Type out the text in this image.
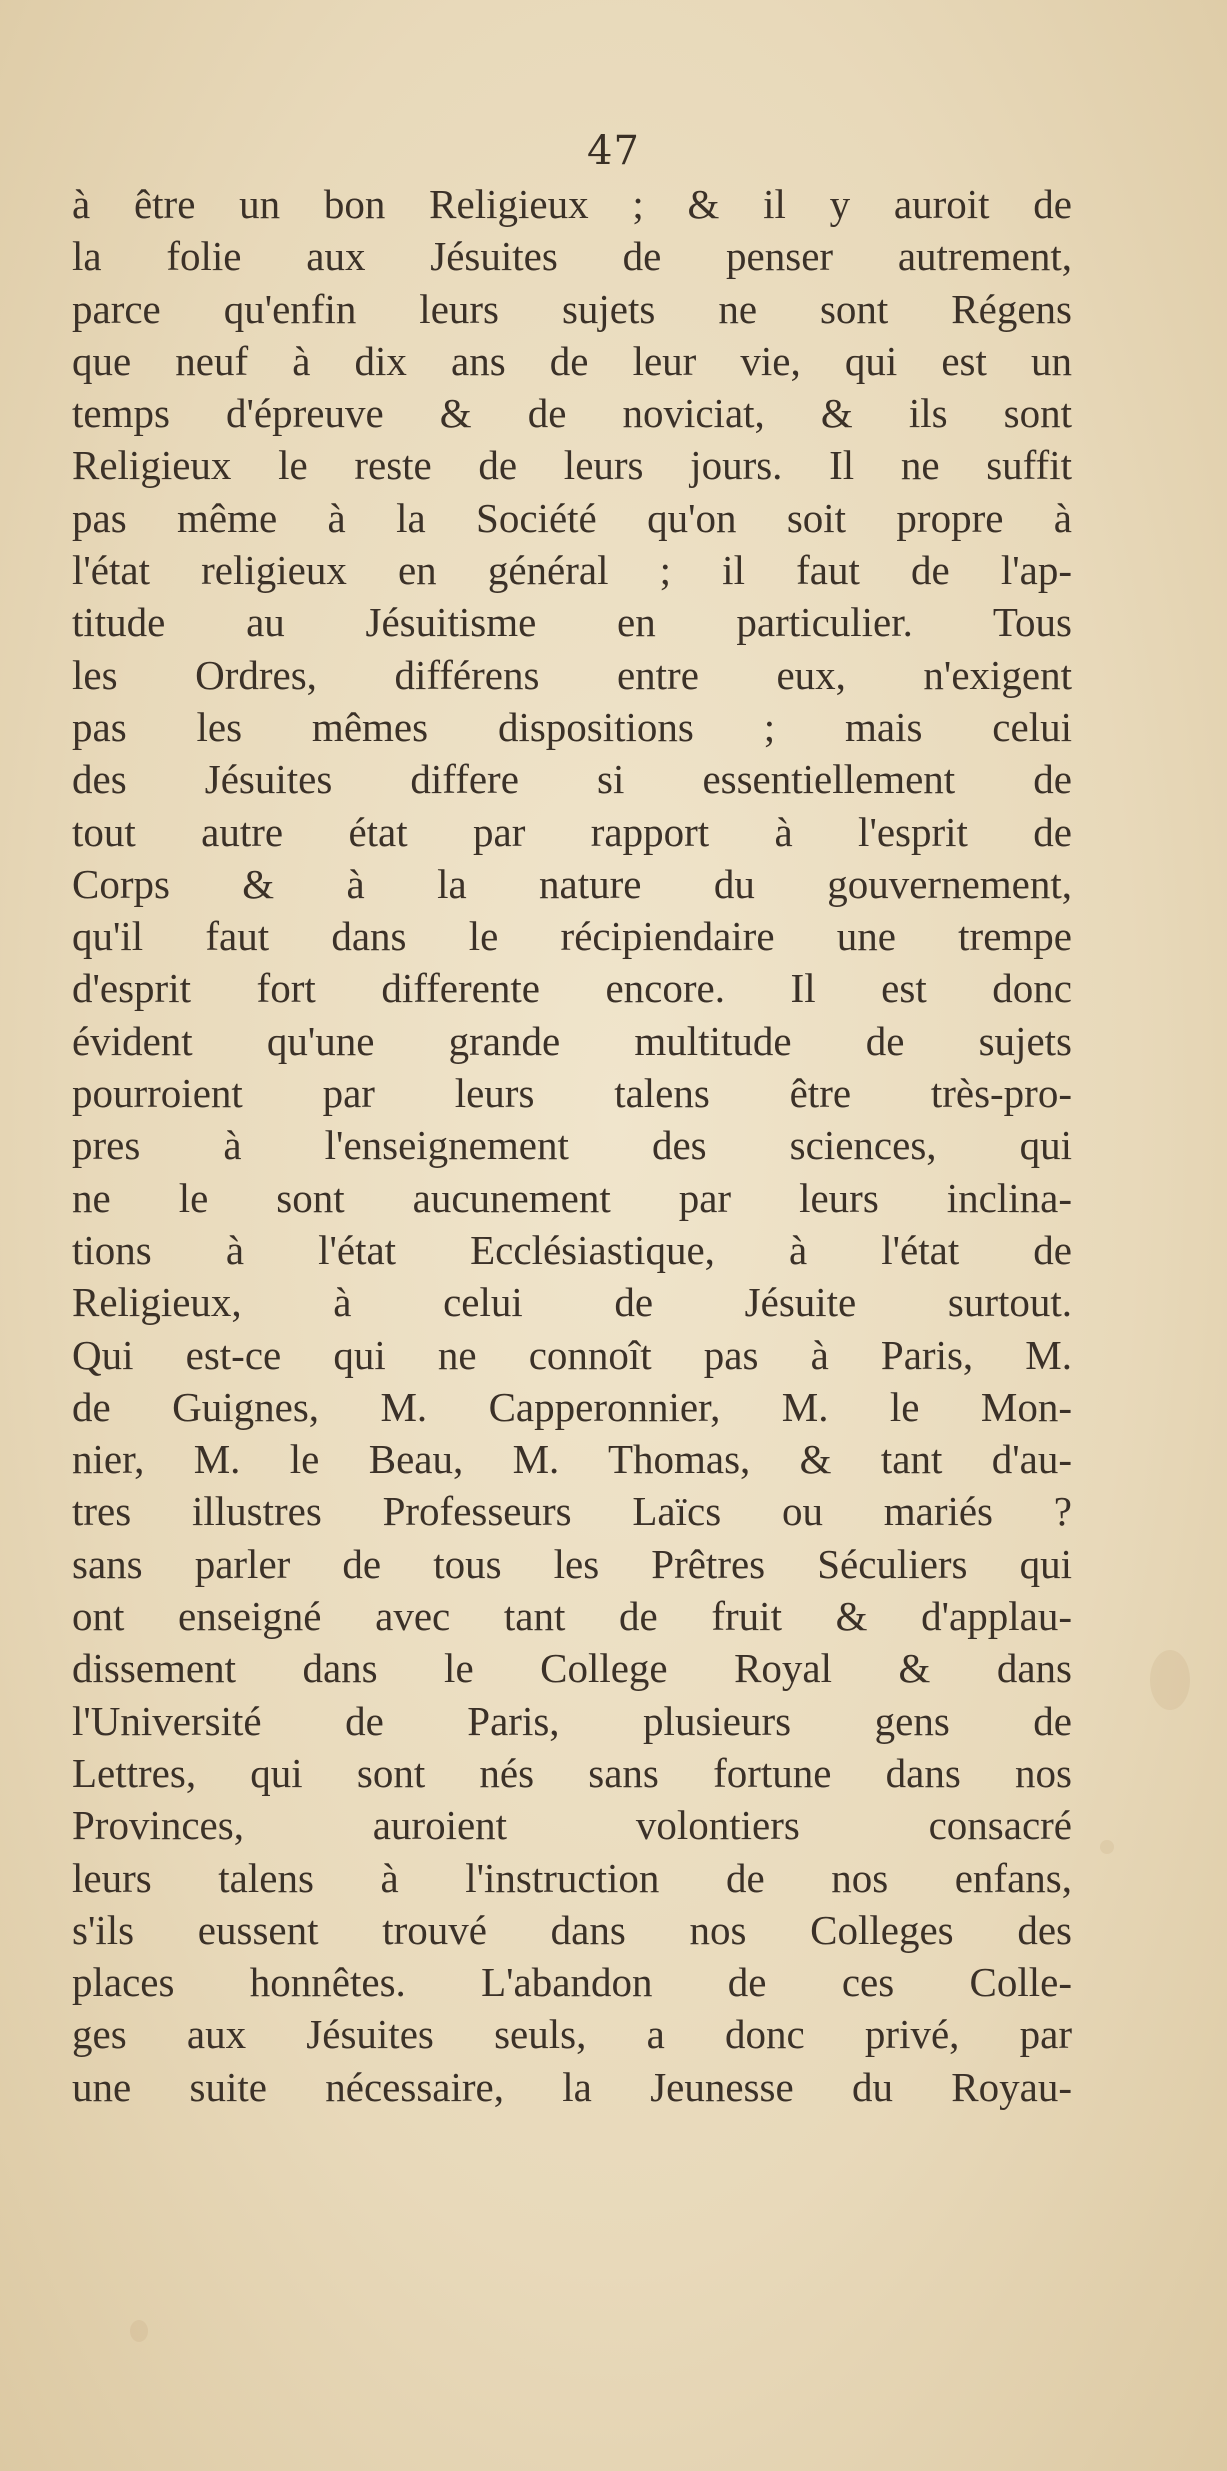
47
à être un bon Religieux ; & il y auroit de
la folie aux Jésuites de penser autrement,
parce qu'enfin leurs sujets ne sont Régens
que neuf à dix ans de leur vie, qui est un
temps d'épreuve & de noviciat, & ils sont
Religieux le reste de leurs jours. Il ne suffit
pas même à la Société qu'on soit propre à
l'état religieux en général ; il faut de l'ap-
titude au Jésuitisme en particulier. Tous
les Ordres, différens entre eux, n'exigent
pas les mêmes dispositions ; mais celui
des Jésuites differe si essentiellement de
tout autre état par rapport à l'esprit de
Corps & à la nature du gouvernement,
qu'il faut dans le récipiendaire une trempe
d'esprit fort differente encore. Il est donc
évident qu'une grande multitude de sujets
pourroient par leurs talens être très-pro-
pres à l'enseignement des sciences, qui
ne le sont aucunement par leurs inclina-
tions à l'état Ecclésiastique, à l'état de
Religieux, à celui de Jésuite surtout.
Qui est-ce qui ne connoît pas à Paris, M.
de Guignes, M. Capperonnier, M. le Mon-
nier, M. le Beau, M. Thomas, & tant d'au-
tres illustres Professeurs Laïcs ou mariés ?
sans parler de tous les Prêtres Séculiers qui
ont enseigné avec tant de fruit & d'applau-
dissement dans le College Royal & dans
l'Université de Paris, plusieurs gens de
Lettres, qui sont nés sans fortune dans nos
Provinces, auroient volontiers consacré
leurs talens à l'instruction de nos enfans,
s'ils eussent trouvé dans nos Colleges des
places honnêtes. L'abandon de ces Colle-
ges aux Jésuites seuls, a donc privé, par
une suite nécessaire, la Jeunesse du Royau-
